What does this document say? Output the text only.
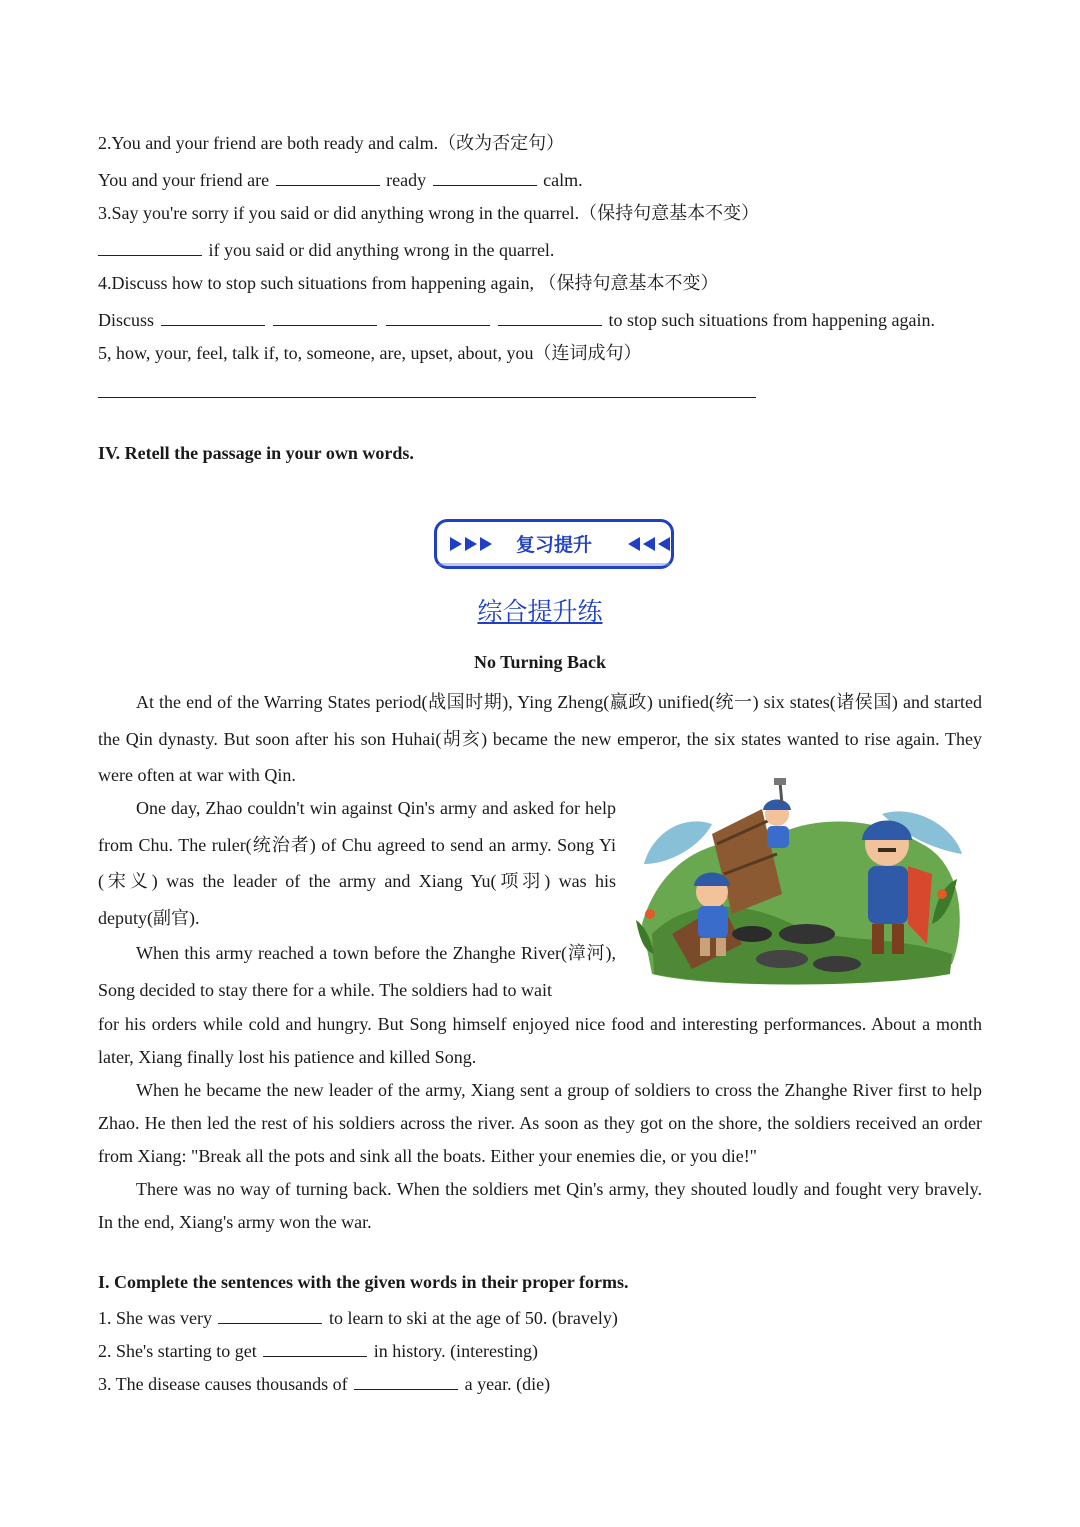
2.You and your friend are both ready and calm.（改为否定句）
You and your friend are	ready	calm.
3.Say you're sorry if you said or did anything wrong in the quarrel.（保持句意基本不变）
if you said or did anything wrong in the quarrel.
4.Discuss how to stop such situations from happening again, （保持句意基本不变）
Discuss	to stop such situations from happening again.
5, how, your, feel, talk if, to, someone, are, upset, about, you（连词成句）
IV. Retell the passage in your own words.
复习提升
综合提升练
No Turning Back

At the end of the Warring States period(战国时期), Ying Zheng(嬴政) unified(统一) six states(诸侯国) and started the Qin dynasty. But soon after his son Huhai(胡亥) became the new emperor, the six states wanted to rise again. They were often at war with Qin.

One day, Zhao couldn't win against Qin's army and asked for help from Chu. The ruler(统治者) of Chu agreed to send an army. Song Yi (宋义) was the leader of the army and Xiang Yu(项羽) was his deputy(副官).

When this army reached a town before the Zhanghe River(漳河), Song decided to stay there for a while. The soldiers had to wait

for his orders while cold and hungry. But Song himself enjoyed nice food and interesting performances. About a month later, Xiang finally lost his patience and killed Song.

When he became the new leader of the army, Xiang sent a group of soldiers to cross the Zhanghe River first to help Zhao. He then led the rest of his soldiers across the river. As soon as they got on the shore, the soldiers received an order from Xiang: "Break all the pots and sink all the boats. Either your enemies die, or you die!"

There was no way of turning back. When the soldiers met Qin's army, they shouted loudly and fought very bravely. In the end, Xiang's army won the war.

I. Complete the sentences with the given words in their proper forms.
1. She was very	to learn to ski at the age of 50. (bravely)
2. She's starting to get	in history. (interesting)
3. The disease causes thousands of	a year. (die)
